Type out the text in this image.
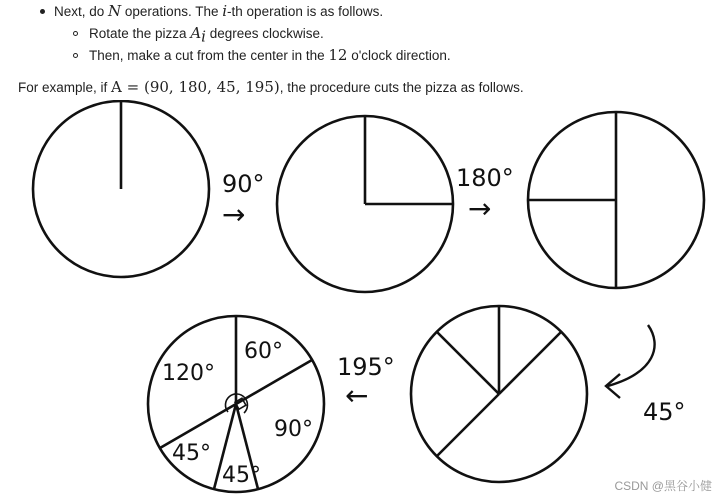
Next, do N operations. The i-th operation is as follows.
Rotate the pizza $A_i$ degrees clockwise.
Then, make a cut from the center in the 12 o'clock direction.
For example, if A = (90, 180, 45, 195), the procedure cuts the pizza as follows.
90°
→
180°
→
45°
195°
←
120°
60°
90°
45°
45°	CSDN @黑谷小健
